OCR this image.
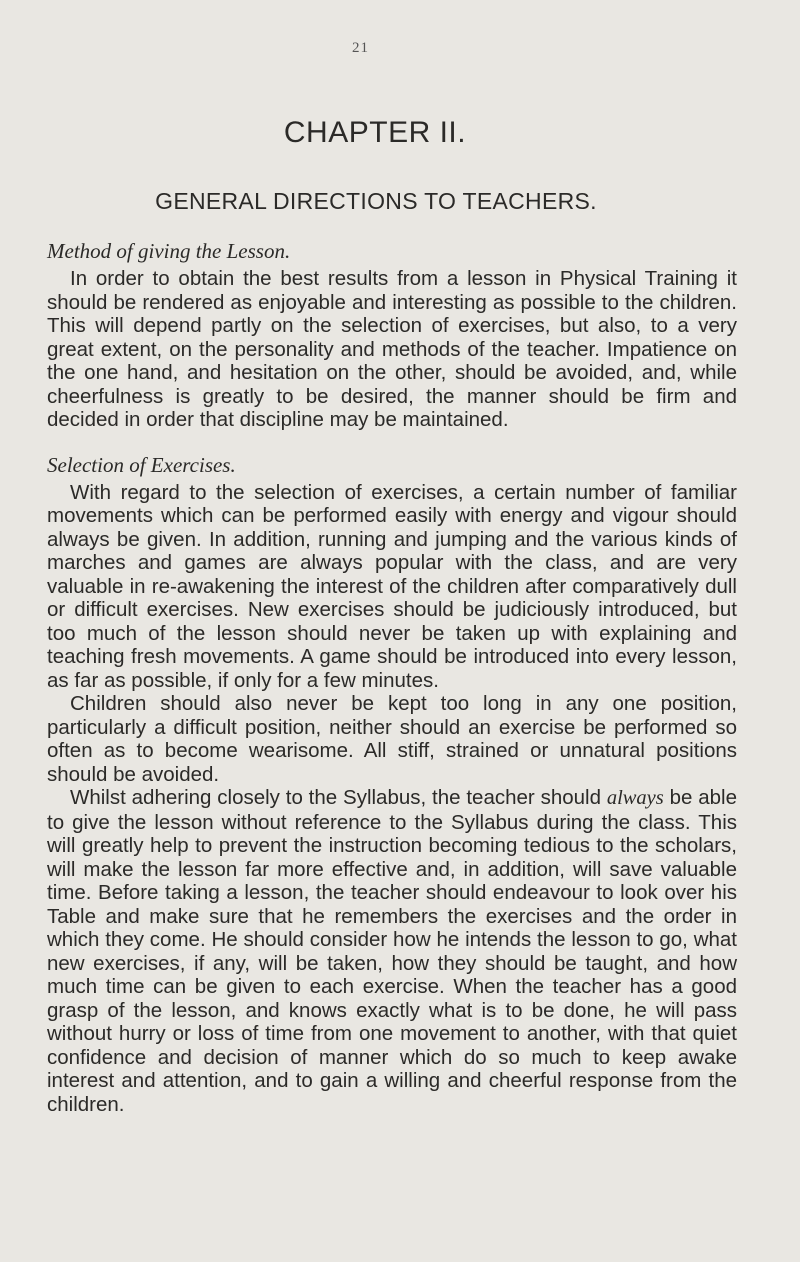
21
CHAPTER II.
GENERAL DIRECTIONS TO TEACHERS.
Method of giving the Lesson.

In order to obtain the best results from a lesson in Physical Training it should be rendered as enjoyable and interesting as possible to the children. This will depend partly on the selection of exercises, but also, to a very great extent, on the personality and methods of the teacher. Impatience on the one hand, and hesitation on the other, should be avoided, and, while cheerfulness is greatly to be desired, the manner should be firm and decided in order that discipline may be maintained.

Selection of Exercises.

With regard to the selection of exercises, a certain number of familiar movements which can be performed easily with energy and vigour should always be given. In addition, running and jumping and the various kinds of marches and games are always popular with the class, and are very valuable in re-awakening the interest of the children after comparatively dull or difficult exercises. New exercises should be judiciously introduced, but too much of the lesson should never be taken up with explaining and teaching fresh movements. A game should be introduced into every lesson, as far as possible, if only for a few minutes.

Children should also never be kept too long in any one position, particularly a difficult position, neither should an exercise be performed so often as to become wearisome. All stiff, strained or unnatural positions should be avoided.

Whilst adhering closely to the Syllabus, the teacher should always be able to give the lesson without reference to the Syllabus during the class. This will greatly help to prevent the instruction becoming tedious to the scholars, will make the lesson far more effective and, in addition, will save valuable time. Before taking a lesson, the teacher should endeavour to look over his Table and make sure that he remembers the exercises and the order in which they come. He should consider how he intends the lesson to go, what new exercises, if any, will be taken, how they should be taught, and how much time can be given to each exercise. When the teacher has a good grasp of the lesson, and knows exactly what is to be done, he will pass without hurry or loss of time from one movement to another, with that quiet confidence and decision of manner which do so much to keep awake interest and attention, and to gain a willing and cheerful response from the children.
